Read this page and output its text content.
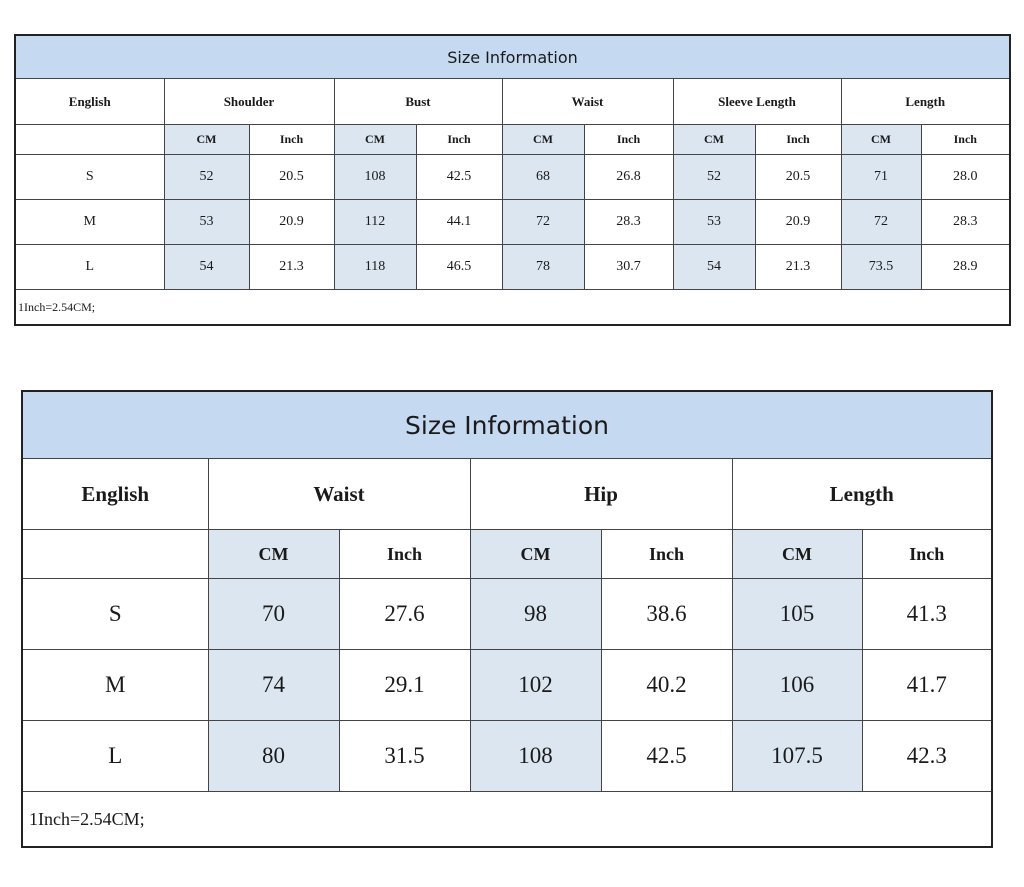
Size Information										
English	Shoulder		Bust		Waist		Sleeve Length		Length	
	CM	Inch	CM	Inch	CM	Inch	CM	Inch	CM	Inch
S	52	20.5	108	42.5	68	26.8	52	20.5	71	28.0
M	53	20.9	112	44.1	72	28.3	53	20.9	72	28.3
L	54	21.3	118	46.5	78	30.7	54	21.3	73.5	28.9
1Inch=2.54CM;										
Size Information						
English	Waist		Hip		Length	
	CM	Inch	CM	Inch	CM	Inch
S	70	27.6	98	38.6	105	41.3
M	74	29.1	102	40.2	106	41.7
L	80	31.5	108	42.5	107.5	42.3
1Inch=2.54CM;						
